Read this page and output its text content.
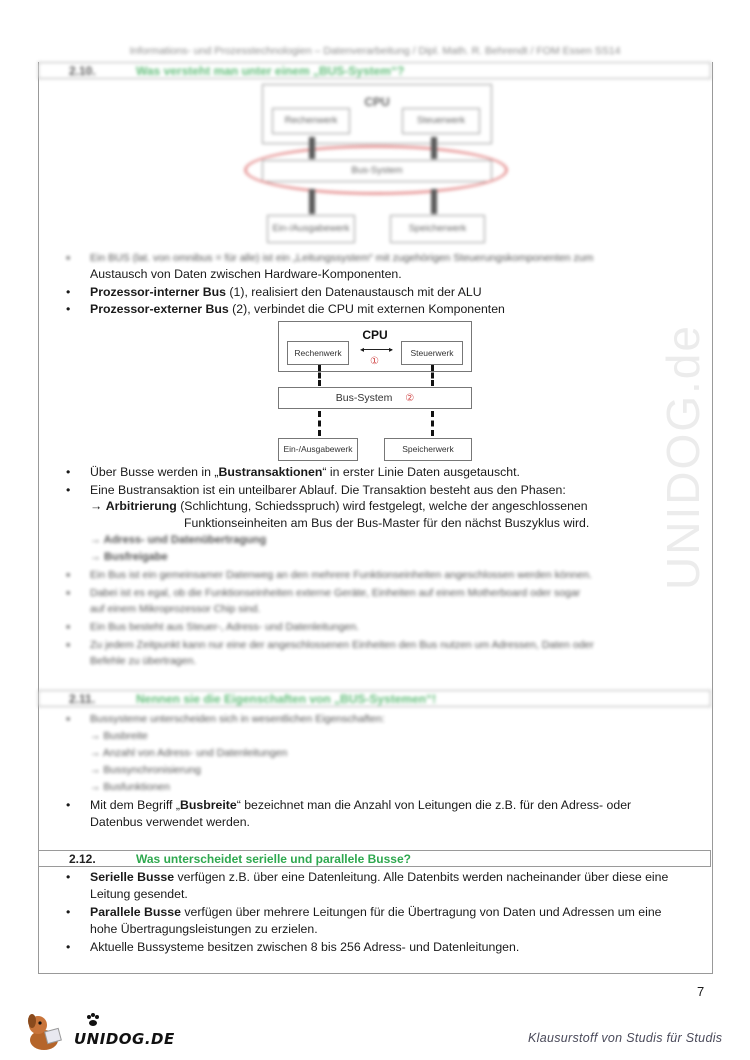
UNIDOG.de
Informations- und Prozesstechnologien – Datenverarbeitung / Dipl. Math. R. Behrendt / FOM Essen SS14
2.10.	Was versteht man unter einem „BUS-System“?
CPU
Rechenwerk	Steuerwerk
Bus-System
Ein-/Ausgabewerk	Speicherwerk
• Ein BUS (lat. von omnibus = für alle) ist ein „Leitungssystem“ mit zugehörigen Steuerungskomponenten zum
Austausch von Daten zwischen Hardware-Komponenten.
• Prozessor-interner Bus (1), realisiert den Datenaustausch mit der ALU
• Prozessor-externer Bus (2), verbindet die CPU mit externen Komponenten
CPU
Rechenwerk	Steuerwerk
◂	▸
①
Bus-System ②
Ein-/Ausgabewerk	Speicherwerk
• Über Busse werden in „Bustransaktionen“ in erster Linie Daten ausgetauscht.
• Eine Bustransaktion ist ein unteilbarer Ablauf. Die Transaktion besteht aus den Phasen:
→ Arbitrierung (Schlichtung, Schiedsspruch) wird festgelegt, welche der angeschlossenen
Funktionseinheiten am Bus der Bus-Master für den nächst Buszyklus wird.
→ Adress- und Datenübertragung
→ Busfreigabe
• Ein Bus ist ein gemeinsamer Datenweg an den mehrere Funktionseinheiten angeschlossen werden können.
• Dabei ist es egal, ob die Funktionseinheiten externe Geräte, Einheiten auf einem Motherboard oder sogar
auf einem Mikroprozessor Chip sind.
• Ein Bus besteht aus Steuer-, Adress- und Datenleitungen.
• Zu jedem Zeitpunkt kann nur eine der angeschlossenen Einheiten den Bus nutzen um Adressen, Daten oder
Befehle zu übertragen.
2.11.	Nennen sie die Eigenschaften von „BUS-Systemen“!
• Bussysteme unterscheiden sich in wesentlichen Eigenschaften:
→ Busbreite
→ Anzahl von Adress- und Datenleitungen
→ Bussynchronisierung
→ Busfunktionen
• Mit dem Begriff „Busbreite“ bezeichnet man die Anzahl von Leitungen die z.B. für den Adress- oder
Datenbus verwendet werden.
2.12.	Was unterscheidet serielle und parallele Busse?
• Serielle Busse verfügen z.B. über eine Datenleitung. Alle Datenbits werden nacheinander über diese eine
Leitung gesendet.
• Parallele Busse verfügen über mehrere Leitungen für die Übertragung von Daten und Adressen um eine
hohe Übertragungsleistungen zu erzielen.
• Aktuelle Bussysteme besitzen zwischen 8 bis 256 Adress- und Datenleitungen.
7
UNIDOG.DE	Klausurstoff von Studis für Studis
